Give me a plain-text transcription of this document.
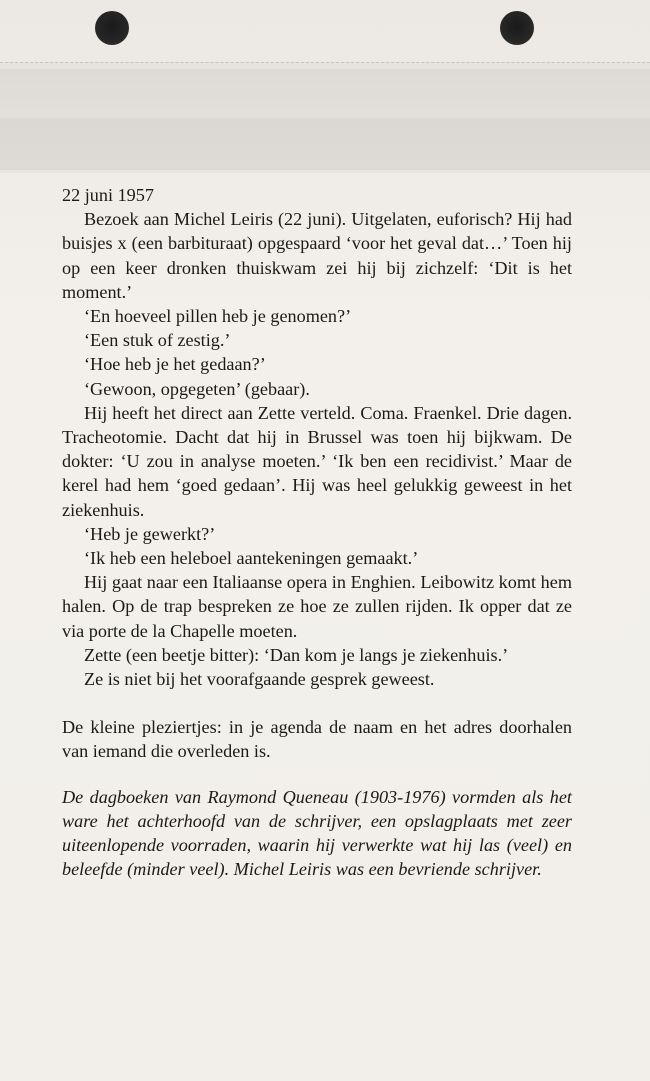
22 juni 1957

Bezoek aan Michel Leiris (22 juni). Uitgelaten, euforisch? Hij had buisjes x (een barbituraat) opgespaard ‘voor het geval dat…’ Toen hij op een keer dronken thuiskwam zei hij bij zichzelf: ‘Dit is het moment.’

‘En hoeveel pillen heb je genomen?’

‘Een stuk of zestig.’

‘Hoe heb je het gedaan?’

‘Gewoon, opgegeten’ (gebaar).

Hij heeft het direct aan Zette verteld. Coma. Fraenkel. Drie dagen. Tracheotomie. Dacht dat hij in Brussel was toen hij bijkwam. De dokter: ‘U zou in analyse moeten.’ ‘Ik ben een recidivist.’ Maar de kerel had hem ‘goed gedaan’. Hij was heel gelukkig geweest in het ziekenhuis.

‘Heb je gewerkt?’

‘Ik heb een heleboel aantekeningen gemaakt.’

Hij gaat naar een Italiaanse opera in Enghien. Leibowitz komt hem halen. Op de trap bespreken ze hoe ze zullen rijden. Ik opper dat ze via porte de la Chapelle moeten.

Zette (een beetje bitter): ‘Dan kom je langs je ziekenhuis.’

Ze is niet bij het voorafgaande gesprek geweest.

De kleine pleziertjes: in je agenda de naam en het adres doorhalen van iemand die overleden is.

De dagboeken van Raymond Queneau (1903-1976) vormden als het ware het achterhoofd van de schrijver, een opslagplaats met zeer uiteenlopende voorraden, waarin hij verwerkte wat hij las (veel) en beleefde (minder veel). Michel Leiris was een bevriende schrijver.
